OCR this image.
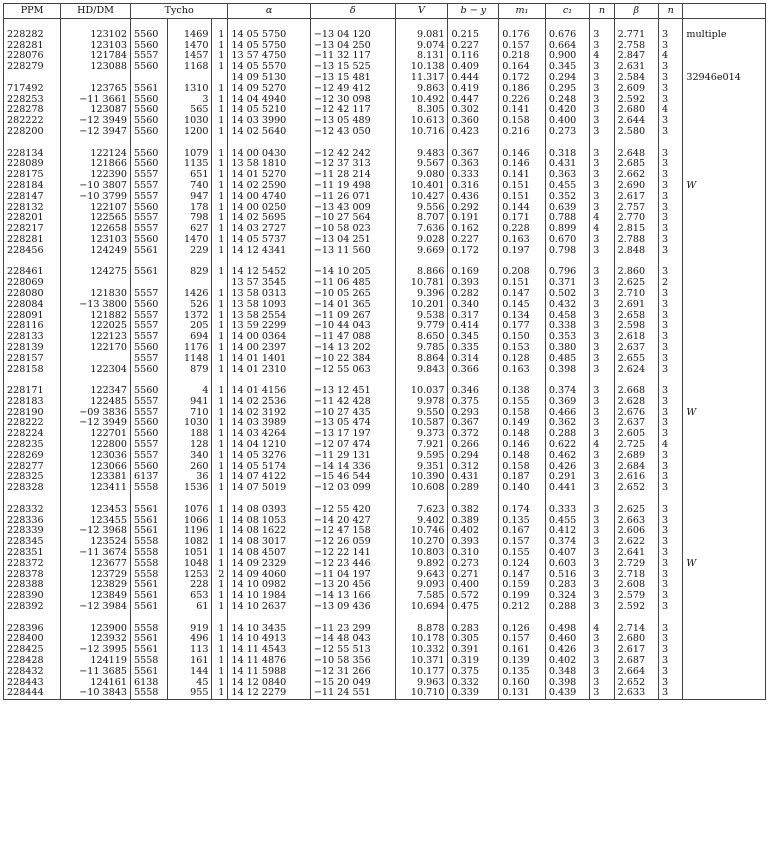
PPM	HD/DM	Tycho			α	δ	V	b − y	m₁	c₁	n	β	n	

228282	123102	5560	1469	1	14 05 5750	−13 04 120	9.081	0.215	0.176	0.676	3	2.771	3	multiple
228281	123103	5560	1470	1	14 05 5750	−13 04 250	9.074	0.227	0.157	0.664	3	2.758	3	
228076	121784	5557	1457	1	13 57 4750	−11 32 117	8.131	0.116	0.218	0.900	4	2.847	4	
228279	123088	5560	1168	1	14 05 5570	−13 15 525	10.138	0.409	0.164	0.345	3	2.631	3	
					14 09 5130	−13 15 481	11.317	0.444	0.172	0.294	3	2.584	3	32946e014
717492	123765	5561	1310	1	14 09 5270	−12 49 412	9.863	0.419	0.186	0.295	3	2.609	3	
228253	−11 3661	5560	3	1	14 04 4940	−12 30 098	10.492	0.447	0.226	0.248	3	2.592	3	
228278	123087	5560	565	1	14 05 5210	−12 42 117	8.305	0.302	0.141	0.420	3	2.680	4	
282222	−12 3949	5560	1030	1	14 03 3990	−13 05 489	10.613	0.360	0.158	0.400	3	2.644	3	
228200	−12 3947	5560	1200	1	14 02 5640	−12 43 050	10.716	0.423	0.216	0.273	3	2.580	3	

228134	122124	5560	1079	1	14 00 0430	−12 42 242	9.483	0.367	0.146	0.318	3	2.648	3	
228089	121866	5560	1135	1	13 58 1810	−12 37 313	9.567	0.363	0.146	0.431	3	2.685	3	
228175	122390	5557	651	1	14 01 5270	−11 28 214	9.080	0.333	0.141	0.363	3	2.662	3	
228184	−10 3807	5557	740	1	14 02 2590	−11 19 498	10.401	0.316	0.151	0.455	3	2.690	3	W
228147	−10 3799	5557	947	1	14 00 4740	−11 26 071	10.427	0.436	0.151	0.352	3	2.617	3	
228132	122107	5560	178	1	14 00 0250	−13 43 009	9.556	0.292	0.144	0.639	3	2.757	3	
228201	122565	5557	798	1	14 02 5695	−10 27 564	8.707	0.191	0.171	0.788	4	2.770	3	
228217	122658	5557	627	1	14 03 2727	−10 58 023	7.636	0.162	0.228	0.899	4	2.815	3	
228281	123103	5560	1470	1	14 05 5737	−13 04 251	9.028	0.227	0.163	0.670	3	2.788	3	
228456	124249	5561	229	1	14 12 4341	−13 11 560	9.669	0.172	0.197	0.798	3	2.848	3	

228461	124275	5561	829	1	14 12 5452	−14 10 205	8.866	0.169	0.208	0.796	3	2.860	3	
228069					13 57 3545	−11 06 485	10.781	0.393	0.151	0.371	3	2.625	2	
228080	121830	5557	1426	1	13 58 0313	−10 05 265	9.396	0.282	0.147	0.502	3	2.710	3	
228084	−13 3800	5560	526	1	13 58 1093	−14 01 365	10.201	0.340	0.145	0.432	3	2.691	3	
228091	121882	5557	1372	1	13 58 2554	−11 09 267	9.538	0.317	0.134	0.458	3	2.658	3	
228116	122025	5557	205	1	13 59 2299	−10 44 043	9.779	0.414	0.177	0.338	3	2.598	3	
228133	122123	5557	694	1	14 00 0364	−11 47 088	8.650	0.345	0.150	0.353	3	2.618	3	
228139	122170	5560	1176	1	14 00 2397	−14 13 202	9.785	0.335	0.153	0.380	3	2.637	3	
228157		5557	1148	1	14 01 1401	−10 22 384	8.864	0.314	0.128	0.485	3	2.655	3	
228158	122304	5560	879	1	14 01 2310	−12 55 063	9.843	0.366	0.163	0.398	3	2.624	3	

228171	122347	5560	4	1	14 01 4156	−13 12 451	10.037	0.346	0.138	0.374	3	2.668	3	
228183	122485	5557	941	1	14 02 2536	−11 42 428	9.978	0.375	0.155	0.369	3	2.628	3	
228190	−09 3836	5557	710	1	14 02 3192	−10 27 435	9.550	0.293	0.158	0.466	3	2.676	3	W
228222	−12 3949	5560	1030	1	14 03 3989	−13 05 474	10.587	0.367	0.149	0.362	3	2.637	3	
228224	122701	5560	188	1	14 03 4264	−13 17 197	9.373	0.372	0.148	0.288	3	2.605	3	
228235	122800	5557	128	1	14 04 1210	−12 07 474	7.921	0.266	0.146	0.622	4	2.725	4	
228269	123036	5557	340	1	14 05 3276	−11 29 131	9.595	0.294	0.148	0.462	3	2.689	3	
228277	123066	5560	260	1	14 05 5174	−14 14 336	9.351	0.312	0.158	0.426	3	2.684	3	
228325	123381	6137	36	1	14 07 4122	−15 46 544	10.390	0.431	0.187	0.291	3	2.616	3	
228328	123411	5558	1536	1	14 07 5019	−12 03 099	10.608	0.289	0.140	0.441	3	2.652	3	

228332	123453	5561	1076	1	14 08 0393	−12 55 420	7.623	0.382	0.174	0.333	3	2.625	3	
228336	123455	5561	1066	1	14 08 1053	−14 20 427	9.402	0.389	0.135	0.455	3	2.663	3	
228339	−12 3968	5561	1196	1	14 08 1622	−12 47 158	10.746	0.402	0.167	0.412	3	2.606	3	
228345	123524	5558	1082	1	14 08 3017	−12 26 059	10.270	0.393	0.157	0.374	3	2.622	3	
228351	−11 3674	5558	1051	1	14 08 4507	−12 22 141	10.803	0.310	0.155	0.407	3	2.641	3	
228372	123677	5558	1048	1	14 09 2329	−12 23 446	9.892	0.273	0.124	0.603	3	2.729	3	W
228378	123729	5558	1253	2	14 09 4060	−11 04 197	9.643	0.271	0.147	0.516	3	2.718	3	
228388	123829	5561	228	1	14 10 0982	−13 20 456	9.093	0.400	0.159	0.283	3	2.608	3	
228390	123849	5561	653	1	14 10 1984	−14 13 166	7.585	0.572	0.199	0.324	3	2.579	3	
228392	−12 3984	5561	61	1	14 10 2637	−13 09 436	10.694	0.475	0.212	0.288	3	2.592	3	

228396	123900	5558	919	1	14 10 3435	−11 23 299	8.878	0.283	0.126	0.498	4	2.714	3	
228400	123932	5561	496	1	14 10 4913	−14 48 043	10.178	0.305	0.157	0.460	3	2.680	3	
228425	−12 3995	5561	113	1	14 11 4543	−12 55 513	10.332	0.391	0.161	0.426	3	2.617	3	
228428	124119	5558	161	1	14 11 4876	−10 58 356	10.371	0.319	0.139	0.402	3	2.687	3	
228432	−11 3685	5561	144	1	14 11 5988	−12 31 266	10.177	0.375	0.135	0.348	3	2.664	3	
228443	124161	6138	45	1	14 12 0840	−15 20 049	9.963	0.332	0.160	0.398	3	2.652	3	
228444	−10 3843	5558	955	1	14 12 2279	−11 24 551	10.710	0.339	0.131	0.439	3	2.633	3	
